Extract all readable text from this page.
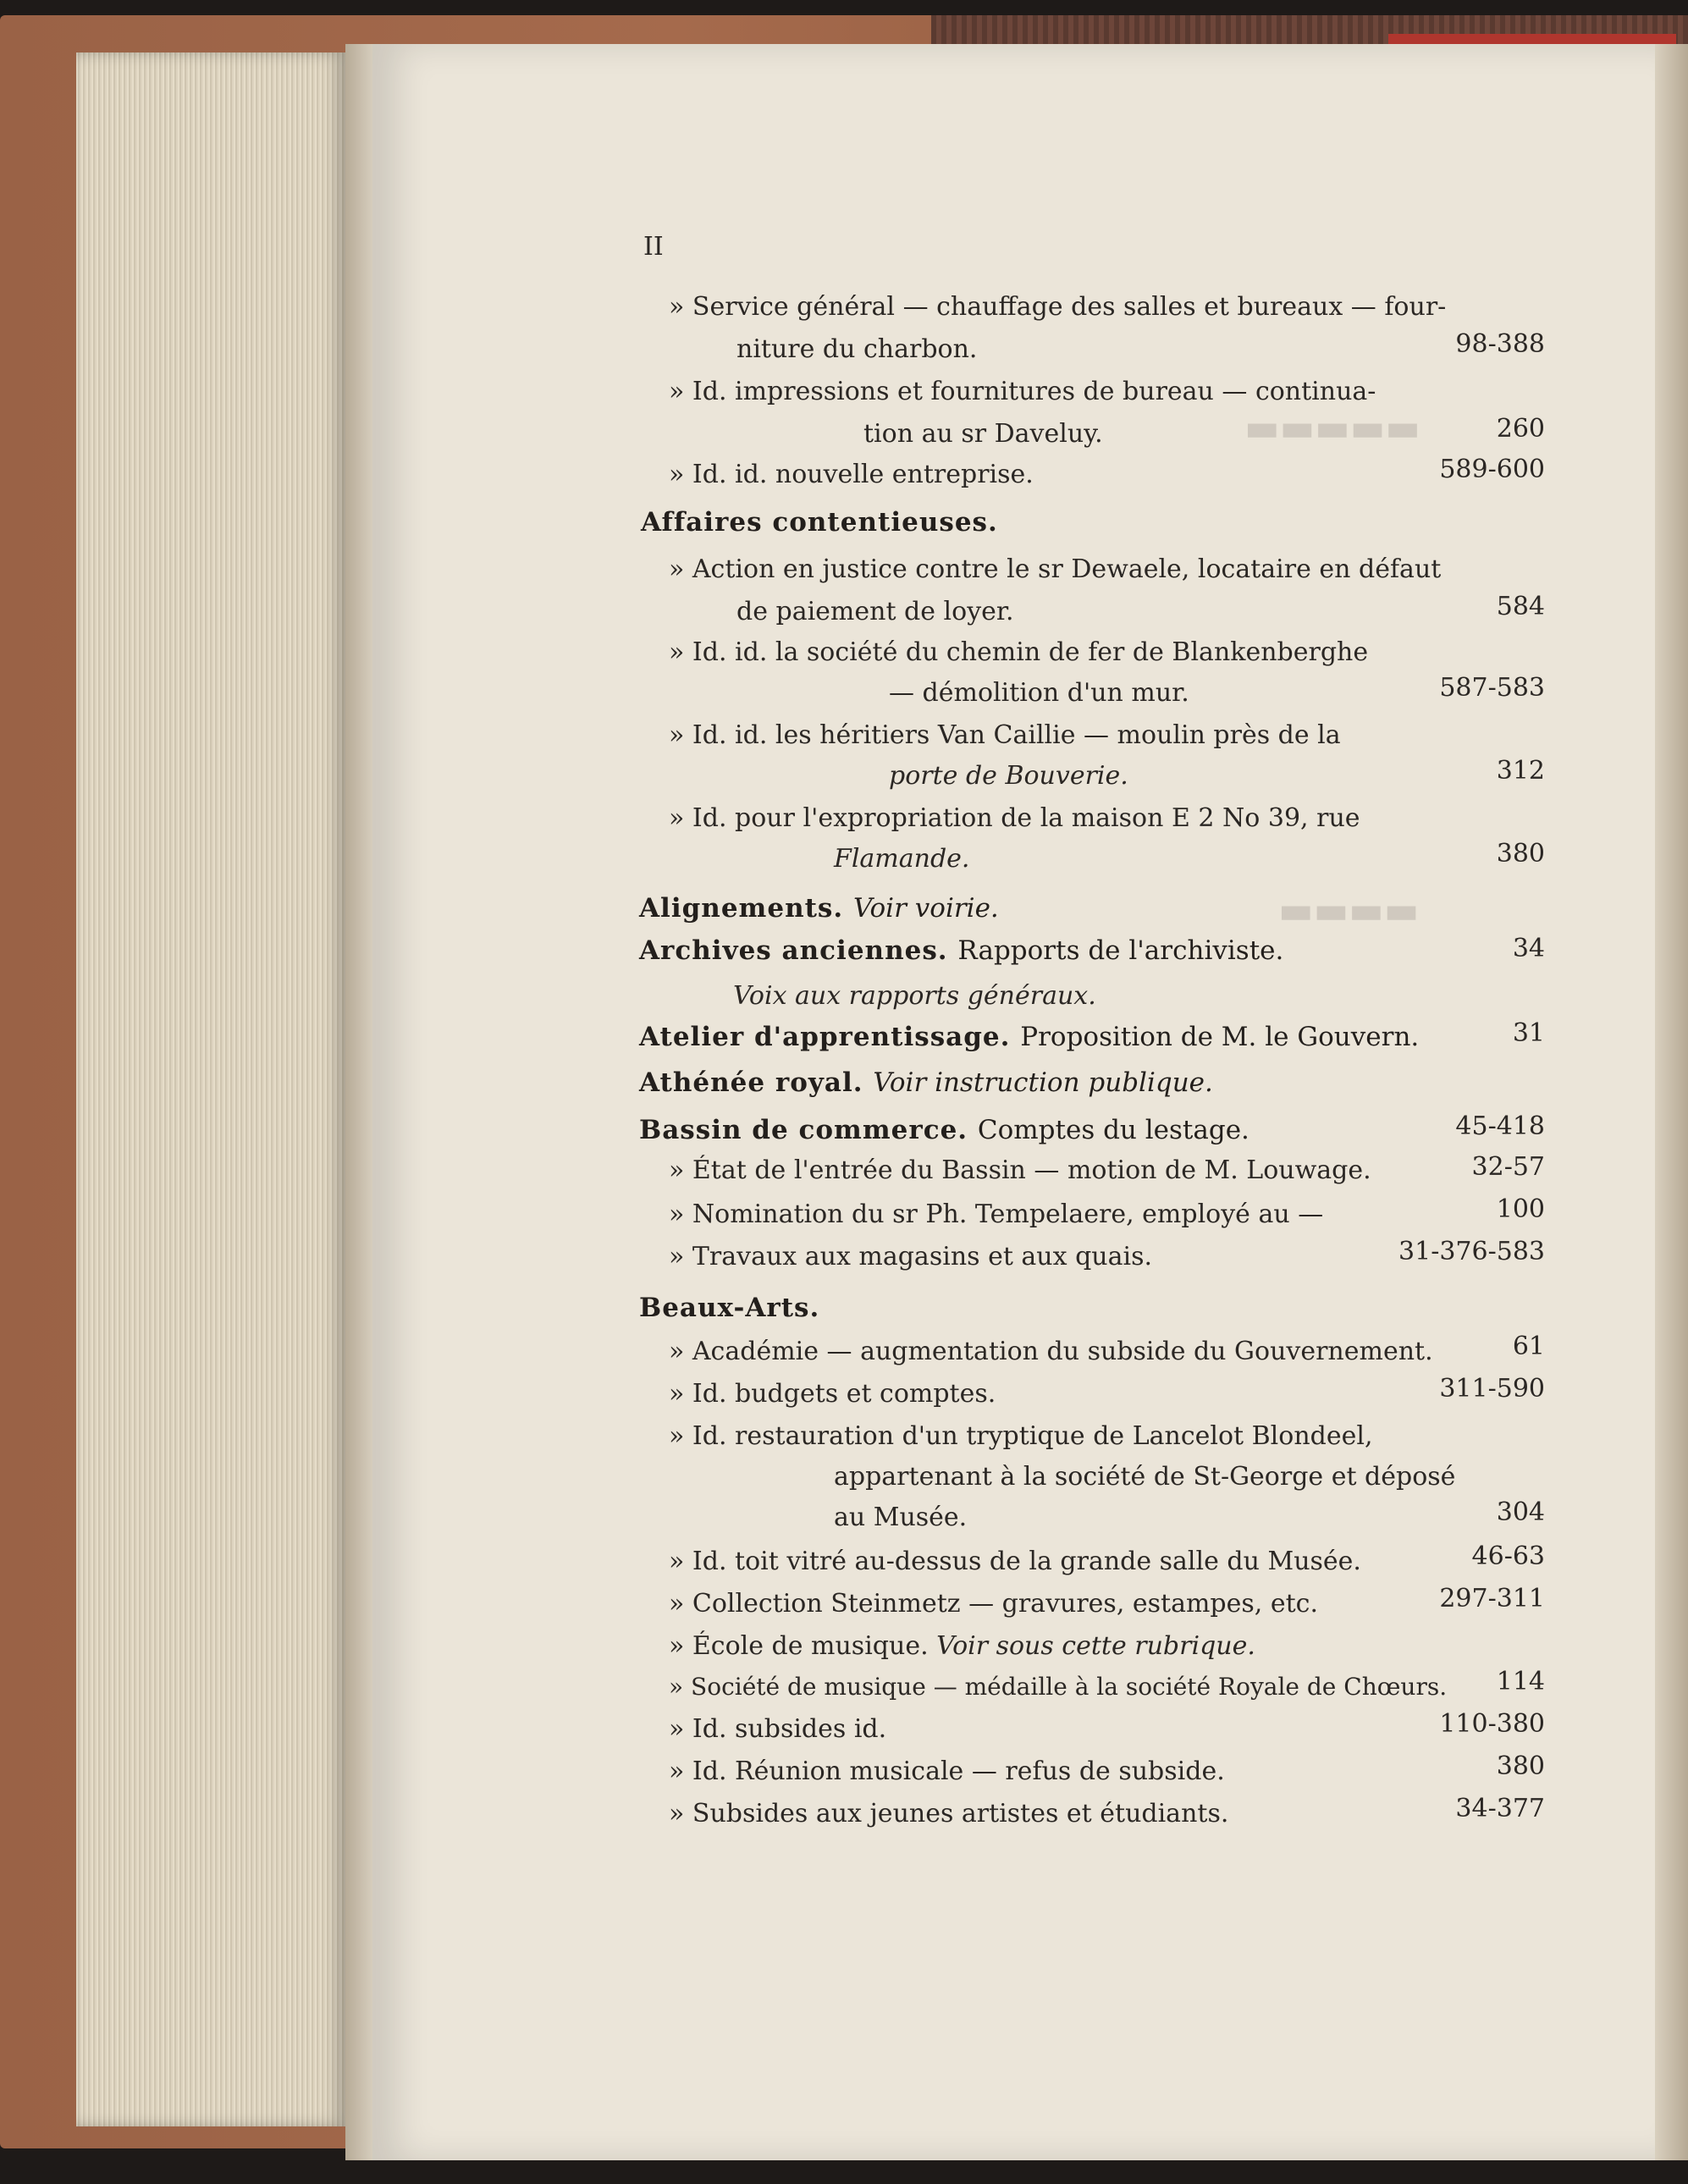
▬▬▬▬▬
▬▬▬▬
II
» Service général — chauffage des salles et bureaux — four-
niture du charbon.	98-388
» Id. impressions et fournitures de bureau — continua-
tion au sr Daveluy.	260
» Id. id. nouvelle entreprise.	589-600
Affaires contentieuses.
» Action en justice contre le sr Dewaele, locataire en défaut
de paiement de loyer.	584
» Id. id. la société du chemin de fer de Blankenberghe
— démolition d'un mur.	587-583
» Id. id. les héritiers Van Caillie — moulin près de la
porte de Bouverie.	312
» Id. pour l'expropriation de la maison E 2 No 39, rue
Flamande.	380
Alignements. Voir voirie.
Archives anciennes. Rapports de l'archiviste.	34
Voix aux rapports généraux.
Atelier d'apprentissage. Proposition de M. le Gouvern.	31
Athénée royal. Voir instruction publique.
Bassin de commerce. Comptes du lestage.	45-418
» État de l'entrée du Bassin — motion de M. Louwage.	32-57
» Nomination du sr Ph. Tempelaere, employé au —	100
» Travaux aux magasins et aux quais.	31-376-583
Beaux-Arts.
» Académie — augmentation du subside du Gouvernement.	61
» Id. budgets et comptes.	311-590
» Id. restauration d'un tryptique de Lancelot Blondeel,
appartenant à la société de St-George et déposé
au Musée.	304
» Id. toit vitré au-dessus de la grande salle du Musée.	46-63
» Collection Steinmetz — gravures, estampes, etc.	297-311
» École de musique. Voir sous cette rubrique.
» Société de musique — médaille à la société Royale de Chœurs.	114
» Id. subsides id.	110-380
» Id. Réunion musicale — refus de subside.	380
» Subsides aux jeunes artistes et étudiants.	34-377
